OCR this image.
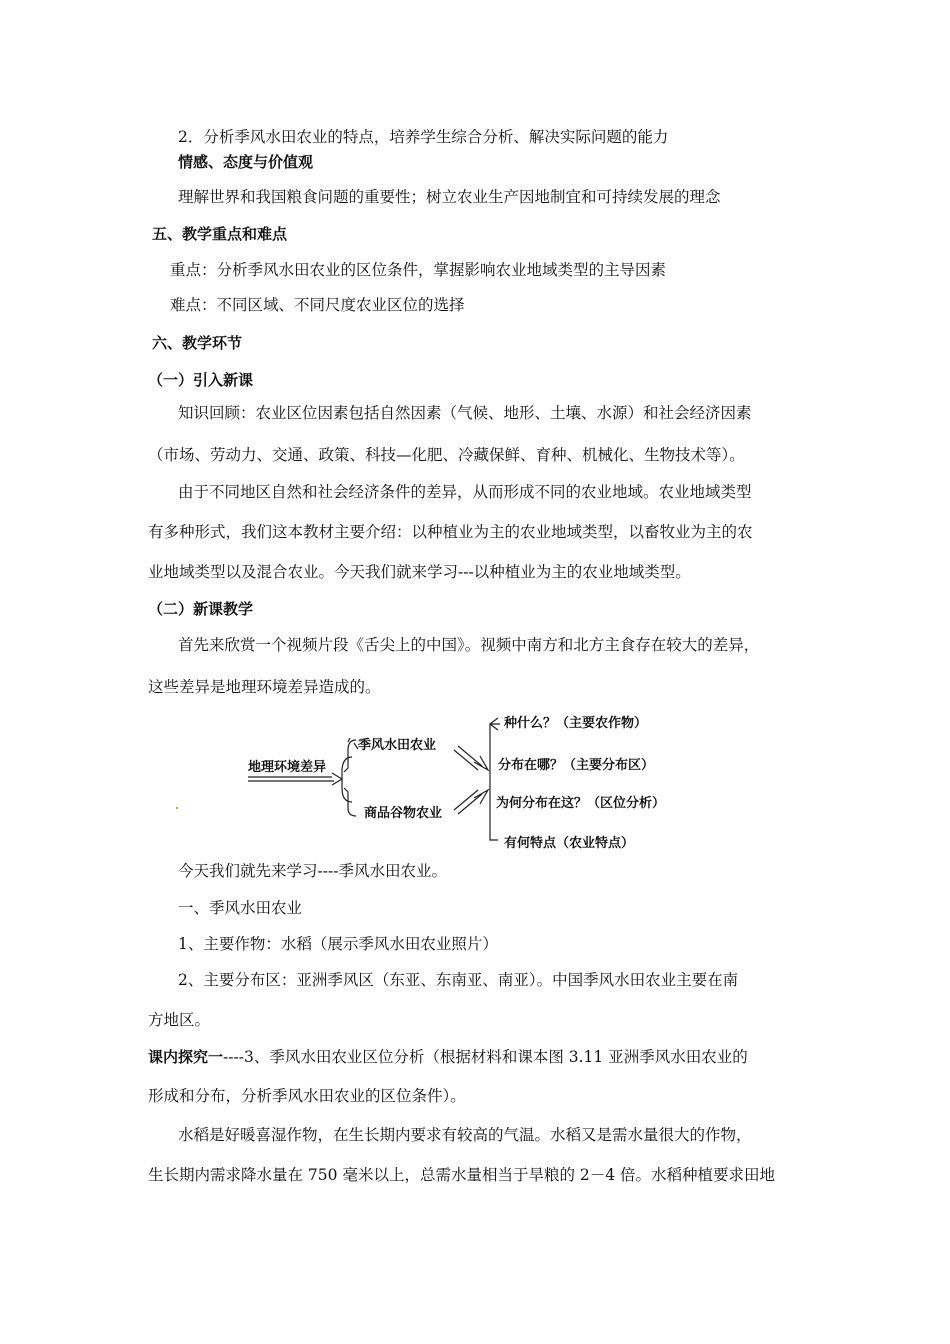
2．分析季风水田农业的特点，培养学生综合分析、解决实际问题的能力
情感、态度与价值观
理解世界和我国粮食问题的重要性；树立农业生产因地制宜和可持续发展的理念
五、教学重点和难点
重点：分析季风水田农业的区位条件，掌握影响农业地域类型的主导因素
难点：不同区域、不同尺度农业区位的选择
六、教学环节
（一）引入新课
知识回顾：农业区位因素包括自然因素（气候、地形、土壤、水源）和社会经济因素
（市场、劳动力、交通、政策、科技—化肥、冷藏保鲜、育种、机械化、生物技术等）。
由于不同地区自然和社会经济条件的差异，从而形成不同的农业地域。农业地域类型
有多种形式，我们这本教材主要介绍：以种植业为主的农业地域类型，以畜牧业为主的农
业地域类型以及混合农业。今天我们就来学习---以种植业为主的农业地域类型。
（二）新课教学
首先来欣赏一个视频片段《舌尖上的中国》。视频中南方和北方主食存在较大的差异，
这些差异是地理环境差异造成的。
地理环境差异
季风水田农业
商品谷物农业
种什么？（主要农作物）
分布在哪？（主要分布区）
为何分布在这？（区位分析）
有何特点（农业特点）
今天我们就先来学习----季风水田农业。
一、季风水田农业
1、主要作物：水稻（展示季风水田农业照片）
2、主要分布区：亚洲季风区（东亚、东南亚、南亚）。中国季风水田农业主要在南
方地区。
课内探究一----3、季风水田农业区位分析（根据材料和课本图 3.11 亚洲季风水田农业的
形成和分布，分析季风水田农业的区位条件）。
水稻是好暖喜湿作物，在生长期内要求有较高的气温。水稻又是需水量很大的作物，
生长期内需求降水量在 750 毫米以上，总需水量相当于旱粮的 2－4 倍。水稻种植要求田地
